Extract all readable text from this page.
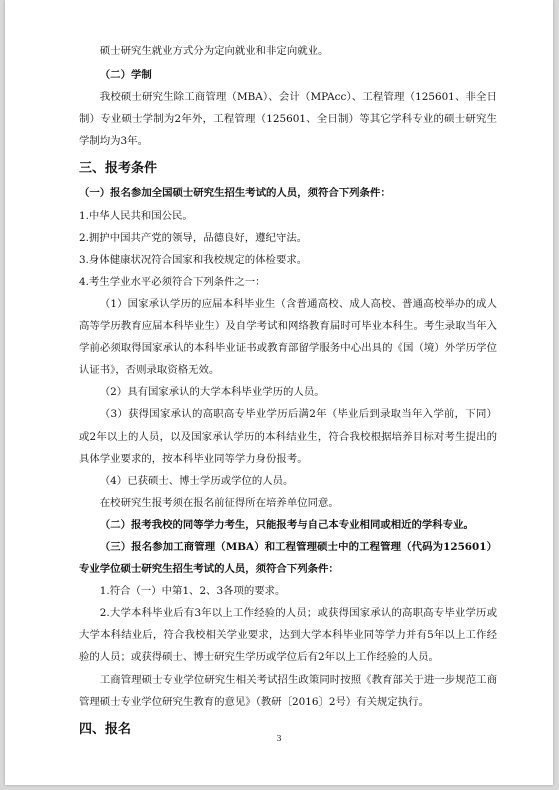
硕士研究生就业方式分为定向就业和非定向就业。

（二）学制

我校硕士研究生除工商管理（MBA）、会计（MPAcc）、工程管理（125601、非全日制）专业硕士学制为2年外，工程管理（125601、全日制）等其它学科专业的硕士研究生学制均为3年。

三、报考条件

（一）报名参加全国硕士研究生招生考试的人员，须符合下列条件：

1.中华人民共和国公民。

2.拥护中国共产党的领导，品德良好，遵纪守法。

3.身体健康状况符合国家和我校规定的体检要求。

4.考生学业水平必须符合下列条件之一：

（1）国家承认学历的应届本科毕业生（含普通高校、成人高校、普通高校举办的成人高等学历教育应届本科毕业生）及自学考试和网络教育届时可毕业本科生。考生录取当年入学前必须取得国家承认的本科毕业证书或教育部留学服务中心出具的《国（境）外学历学位认证书》，否则录取资格无效。

（2）具有国家承认的大学本科毕业学历的人员。

（3）获得国家承认的高职高专毕业学历后满2年（毕业后到录取当年入学前，下同）或2年以上的人员，以及国家承认学历的本科结业生，符合我校根据培养目标对考生提出的具体学业要求的，按本科毕业同等学力身份报考。

（4）已获硕士、博士学历或学位的人员。

在校研究生报考须在报名前征得所在培养单位同意。

（二）报考我校的同等学力考生，只能报考与自己本专业相同或相近的学科专业。

（三）报名参加工商管理（MBA）和工程管理硕士中的工程管理（代码为125601）专业学位硕士研究生招生考试的人员，须符合下列条件：

1.符合（一）中第1、2、3各项的要求。

2.大学本科毕业后有3年以上工作经验的人员；或获得国家承认的高职高专毕业学历或大学本科结业后，符合我校相关学业要求，达到大学本科毕业同等学力并有5年以上工作经验的人员；或获得硕士、博士研究生学历或学位后有2年以上工作经验的人员。

工商管理硕士专业学位研究生相关考试招生政策同时按照《教育部关于进一步规范工商管理硕士专业学位研究生教育的意见》（教研〔2016〕2号）有关规定执行。

四、报名

3
